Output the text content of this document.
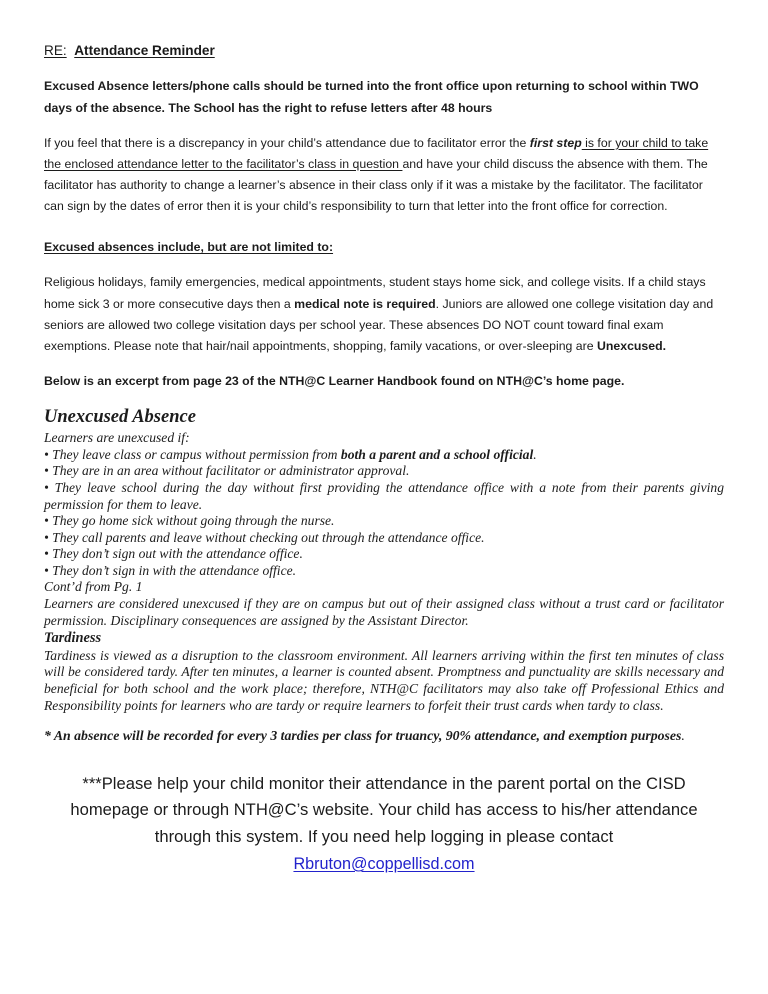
RE: Attendance Reminder

Excused Absence letters/phone calls should be turned into the front office upon returning to school within TWO days of the absence. The School has the right to refuse letters after 48 hours

If you feel that there is a discrepancy in your child’s attendance due to facilitator error the first step is for your child to take the enclosed attendance letter to the facilitator’s class in question and have your child discuss the absence with them. The facilitator has authority to change a learner’s absence in their class only if it was a mistake by the facilitator. The facilitator can sign by the dates of error then it is your child’s responsibility to turn that letter into the front office for correction.

Excused absences include, but are not limited to:

Religious holidays, family emergencies, medical appointments, student stays home sick, and college visits. If a child stays home sick 3 or more consecutive days then a medical note is required. Juniors are allowed one college visitation day and seniors are allowed two college visitation days per school year. These absences DO NOT count toward final exam exemptions. Please note that hair/nail appointments, shopping, family vacations, or over-sleeping are Unexcused.

Below is an excerpt from page 23 of the NTH@C Learner Handbook found on NTH@C’s home page.

Unexcused Absence

Learners are unexcused if:

• They leave class or campus without permission from both a parent and a school official.

• They are in an area without facilitator or administrator approval.

• They leave school during the day without first providing the attendance office with a note from their parents giving permission for them to leave.

• They go home sick without going through the nurse.

• They call parents and leave without checking out through the attendance office.

• They don’t sign out with the attendance office.

• They don’t sign in with the attendance office.

Cont’d from Pg. 1

Learners are considered unexcused if they are on campus but out of their assigned class without a trust card or facilitator permission. Disciplinary consequences are assigned by the Assistant Director.

Tardiness

Tardiness is viewed as a disruption to the classroom environment. All learners arriving within the first ten minutes of class will be considered tardy. After ten minutes, a learner is counted absent. Promptness and punctuality are skills necessary and beneficial for both school and the work place; therefore, NTH@C facilitators may also take off Professional Ethics and Responsibility points for learners who are tardy or require learners to forfeit their trust cards when tardy to class.

* An absence will be recorded for every 3 tardies per class for truancy, 90% attendance, and exemption purposes.

***Please help your child monitor their attendance in the parent portal on the CISD homepage or through NTH@C’s website. Your child has access to his/her attendance through this system. If you need help logging in please contact
Rbruton@coppellisd.com
